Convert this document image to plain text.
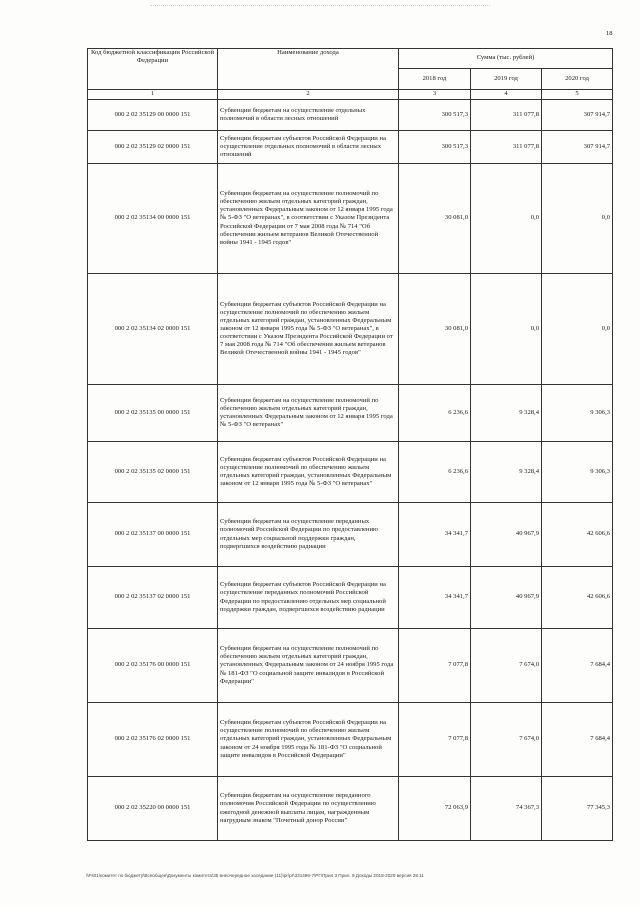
18
Код бюджетной классификации Российской Федерации	Наименование дохода	Сумма (тыс. рублей)		
		2018 год	2019 год	2020 год
1	2	3	4	5
000 2 02 35129 00 0000 151	Субвенции бюджетам на осуществление отдельных полномочий в области лесных отношений	300 517,3	311 077,8	307 914,7
000 2 02 35129 02 0000 151	Субвенции бюджетам субъектов Российской Федерации на осуществление отдельных полномочий в области лесных отношений	300 517,3	311 077,8	307 914,7
000 2 02 35134 00 0000 151	Субвенции бюджетам на осуществление полномочий по обеспечению жильем отдельных категорий граждан, установленных Федеральным законом от 12 января 1995 года № 5-ФЗ "О ветеранах", в соответствии с Указом Президента Российской Федерации от 7 мая 2008 года № 714 "Об обеспечении жильем ветеранов Великой Отечественной войны 1941 - 1945 годов"	30 081,0	0,0	0,0
000 2 02 35134 02 0000 151	Субвенции бюджетам субъектов Российской Федерации на осуществление полномочий по обеспечению жильем отдельных категорий граждан, установленных Федеральным законом от 12 января 1995 года № 5-ФЗ "О ветеранах", в соответствии с Указом Президента Российской Федерации от 7 мая 2008 года № 714 "Об обеспечении жильем ветеранов Великой Отечественной войны 1941 - 1945 годов"	30 081,0	0,0	0,0
000 2 02 35135 00 0000 151	Субвенции бюджетам на осуществление полномочий по обеспечению жильем отдельных категорий граждан, установленных Федеральным законом от 12 января 1995 года № 5-ФЗ "О ветеранах"	6 236,6	9 328,4	9 306,3
000 2 02 35135 02 0000 151	Субвенции бюджетам субъектов Российской Федерации на осуществление полномочий по обеспечению жильем отдельных категорий граждан, установленных Федеральным законом от 12 января 1995 года № 5-ФЗ "О ветеранах"	6 236,6	9 328,4	9 306,3
000 2 02 35137 00 0000 151	Субвенции бюджетам на осуществление переданных полномочий Российской Федерации по предоставлению отдельных мер социальной поддержки граждан, подвергшихся воздействию радиации	34 341,7	40 967,9	42 606,6
000 2 02 35137 02 0000 151	Субвенции бюджетам субъектов Российской Федерации на осуществление переданных полномочий Российской Федерации по предоставлению отдельных мер социальной поддержки граждан, подвергшихся воздействию радиации	34 341,7	40 967,9	42 606,6
000 2 02 35176 00 0000 151	Субвенции бюджетам на осуществление полномочий по обеспечению жильем отдельных категорий граждан, установленных Федеральным законом от 24 ноября 1995 года № 181-ФЗ "О социальной защите инвалидов в Российской Федерации"	7 077,8	7 674,0	7 684,4
000 2 02 35176 02 0000 151	Субвенции бюджетам субъектов Российской Федерации на осуществление полномочий по обеспечению жильем отдельных категорий граждан, установленных Федеральным законом от 24 ноября 1995 года № 181-ФЗ "О социальной защите инвалидов в Российской Федерации"	7 077,8	7 674,0	7 684,4
000 2 02 35220 00 0000 151	Субвенции бюджетам на осуществление переданного полномочия Российской Федерации по осуществлению ежегодной денежной выплаты лицам, награжденным нагрудным знаком "Почетный донор России"	72 063,9	74 367,3	77 345,3
\\Fs01\комитет по бюджету\Всеобщее\Документы комитета\35 внеочередное заседание (11)\pr\pr\331496-7\РГ\Прил 3 Прил. 9 Доходы 2018-2020 версия 28.11
